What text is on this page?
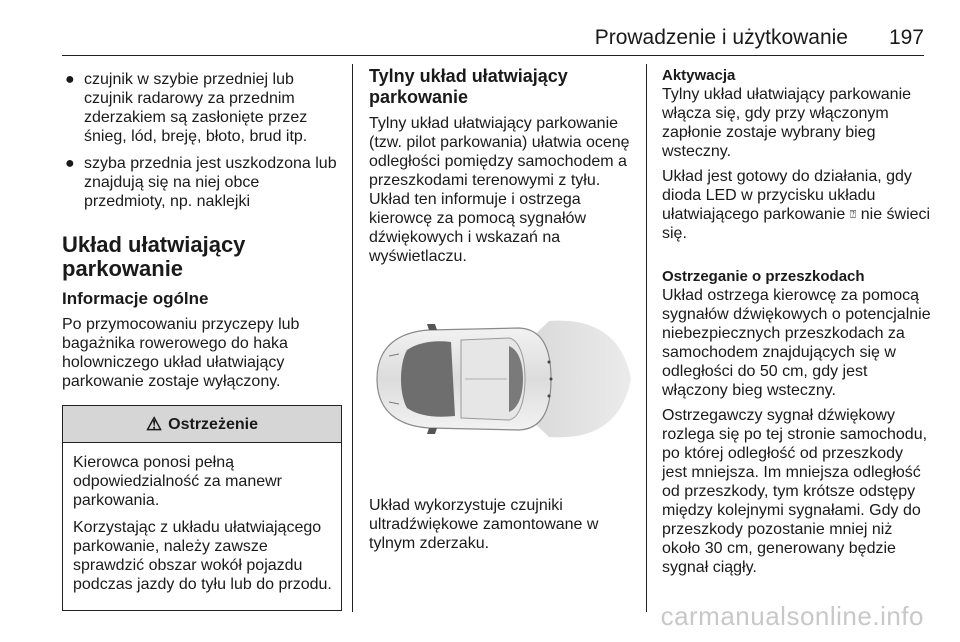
Prowadzenie i użytkowanie 197
● czujnik w szybie przedniej lub czujnik radarowy za przednim zderzakiem są zasłonięte przez śnieg, lód, breję, błoto, brud itp.
● szyba przednia jest uszkodzona lub znajdują się na niej obce przedmioty, np. naklejki
Układ ułatwiający parkowanie
Informacje ogólne

Po przymocowaniu przyczepy lub bagażnika rowerowego do haka holowniczego układ ułatwiający parkowanie zostaje wyłączony.

⚠ Ostrzeżenie

Kierowca ponosi pełną odpowiedzialność za manewr parkowania.

Korzystając z układu ułatwiającego parkowanie, należy zawsze sprawdzić obszar wokół pojazdu podczas jazdy do tyłu lub do przodu.

Tylny układ ułatwiający parkowanie

Tylny układ ułatwiający parkowanie (tzw. pilot parkowania) ułatwia ocenę odległości pomiędzy samochodem a przeszkodami terenowymi z tyłu. Układ ten informuje i ostrzega kierowcę za pomocą sygnałów dźwiękowych i wskazań na wyświetlaczu.

Układ wykorzystuje czujniki ultradźwiękowe zamontowane w tylnym zderzaku.

Aktywacja

Tylny układ ułatwiający parkowanie włącza się, gdy przy włączonym zapłonie zostaje wybrany bieg wsteczny.

Układ jest gotowy do działania, gdy dioda LED w przycisku układu ułatwiającego parkowanie ⍰ nie świeci się.

Ostrzeganie o przeszkodach

Układ ostrzega kierowcę za pomocą sygnałów dźwiękowych o potencjalnie niebezpiecznych przeszkodach za samochodem znajdujących się w odległości do 50 cm, gdy jest włączony bieg wsteczny.

Ostrzegawczy sygnał dźwiękowy rozlega się po tej stronie samochodu, po której odległość od przeszkody jest mniejsza. Im mniejsza odległość od przeszkody, tym krótsze odstępy między kolejnymi sygnałami. Gdy do przeszkody pozostanie mniej niż około 30 cm, generowany będzie sygnał ciągły.

carmanualsonline.info
